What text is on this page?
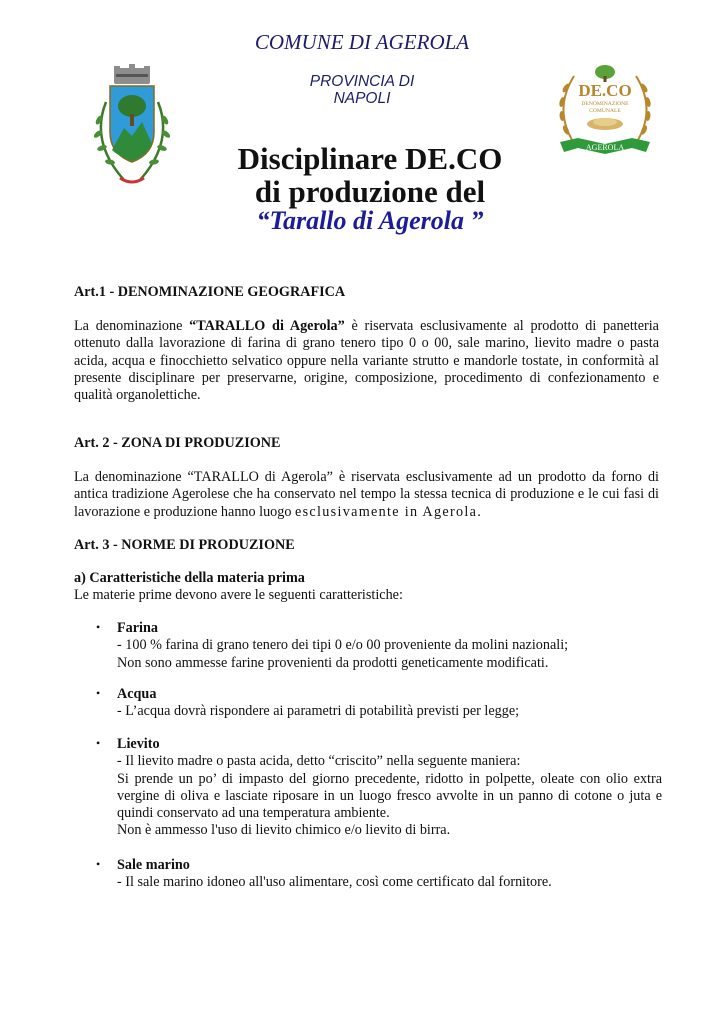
COMUNE DI AGEROLA
PROVINCIA DI
NAPOLI	DE.CO
DENOMINAZIONE
COMUNALE
AGEROLA
Disciplinare DE.CO
di produzione del
“Tarallo di Agerola ”
Art.1 - DENOMINAZIONE GEOGRAFICA
La denominazione “TARALLO di Agerola” è riservata esclusivamente al prodotto di panetteria ottenuto dalla lavorazione di farina di grano tenero tipo 0 o 00, sale marino, lievito madre o pasta acida, acqua e finocchietto selvatico oppure nella variante strutto e mandorle tostate, in conformità al presente disciplinare per preservarne, origine, composizione, procedimento di confezionamento e qualità organolettiche.
Art. 2 - ZONA DI PRODUZIONE
La denominazione “TARALLO di Agerola” è riservata esclusivamente ad un prodotto da forno di antica tradizione Agerolese che ha conservato nel tempo la stessa tecnica di produzione e le cui fasi di lavorazione e produzione hanno luogo esclusivamente in Agerola.
Art. 3 - NORME DI PRODUZIONE
a) Caratteristiche della materia prima
Le materie prime devono avere le seguenti caratteristiche:
•	Farina
- 100 % farina di grano tenero dei tipi 0 e/o 00 proveniente da molini nazionali;
Non sono ammesse farine provenienti da prodotti geneticamente modificati.
•	Acqua
- L’acqua dovrà rispondere ai parametri di potabilità previsti per legge;
•	Lievito
- Il lievito madre o pasta acida, detto “criscito” nella seguente maniera:
Si prende un po’ di impasto del giorno precedente, ridotto in polpette, oleate con olio extra vergine di oliva e lasciate riposare in un luogo fresco avvolte in un panno di cotone o juta e quindi conservato ad una temperatura ambiente.
Non è ammesso l'uso di lievito chimico e/o lievito di birra.
•	Sale marino
- Il sale marino idoneo all'uso alimentare, così come certificato dal fornitore.
